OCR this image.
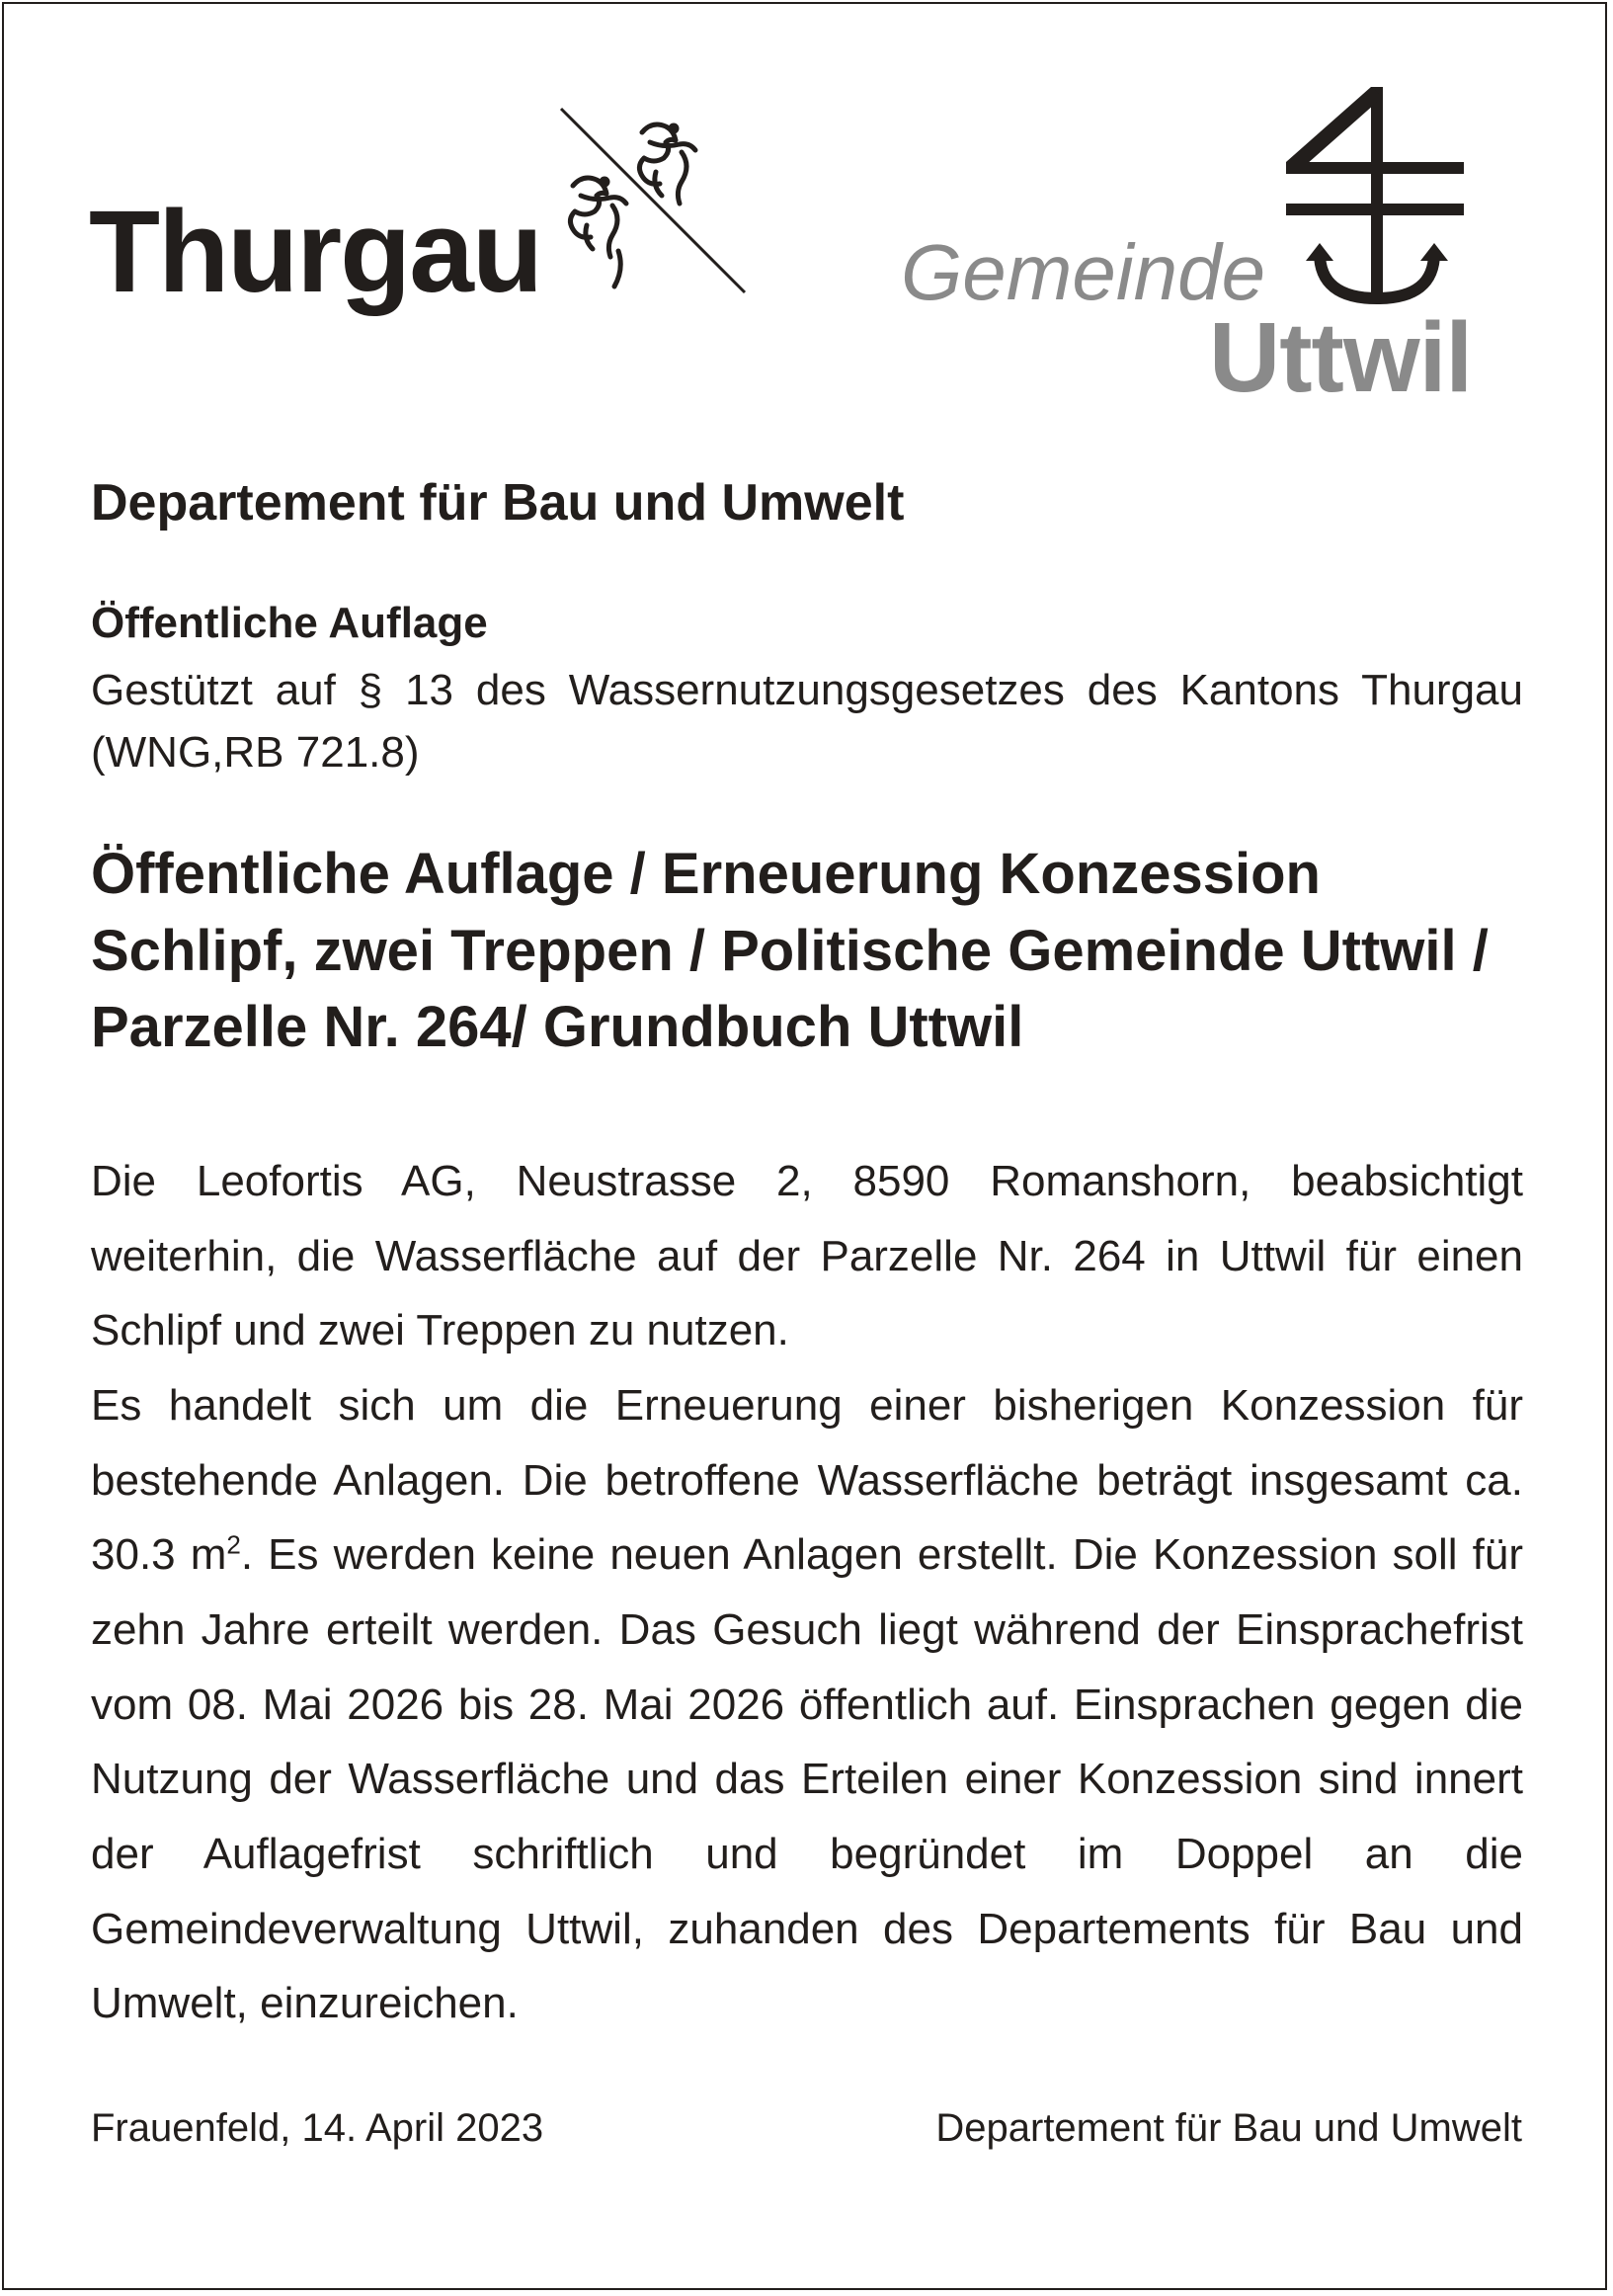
Thurgau	Gemeinde
Uttwil
Departement für Bau und Umwelt
Öffentliche Auflage
Gestützt auf § 13 des Wassernutzungsgesetzes des Kantons Thurgau (WNG,RB 721.8)
Öffentliche Auflage / Erneuerung Konzession Schlipf, zwei Treppen / Politische Gemeinde Uttwil / Parzelle Nr. 264/ Grundbuch Uttwil

Die Leofortis AG, Neustrasse 2, 8590 Romanshorn, beabsichtigt weiterhin, die Wasserfläche auf der Parzelle Nr. 264 in Uttwil für einen Schlipf und zwei Treppen zu nutzen.

Es handelt sich um die Erneuerung einer bisherigen Konzession für bestehende Anlagen. Die betroffene Wasserfläche beträgt insgesamt ca. 30.3 $m^2$. Es werden keine neuen Anlagen erstellt. Die Konzession soll für zehn Jahre erteilt werden. Das Gesuch liegt während der Einsprachefrist vom 08. Mai 2026 bis 28. Mai 2026 öffentlich auf. Einsprachen gegen die Nutzung der Wasserfläche und das Erteilen einer Konzession sind innert der Auflagefrist schriftlich und begründet im Doppel an die Gemeindeverwaltung Uttwil, zuhanden des Departements für Bau und Umwelt, einzureichen.

Frauenfeld, 14. April 2023	Departement für Bau und Umwelt
